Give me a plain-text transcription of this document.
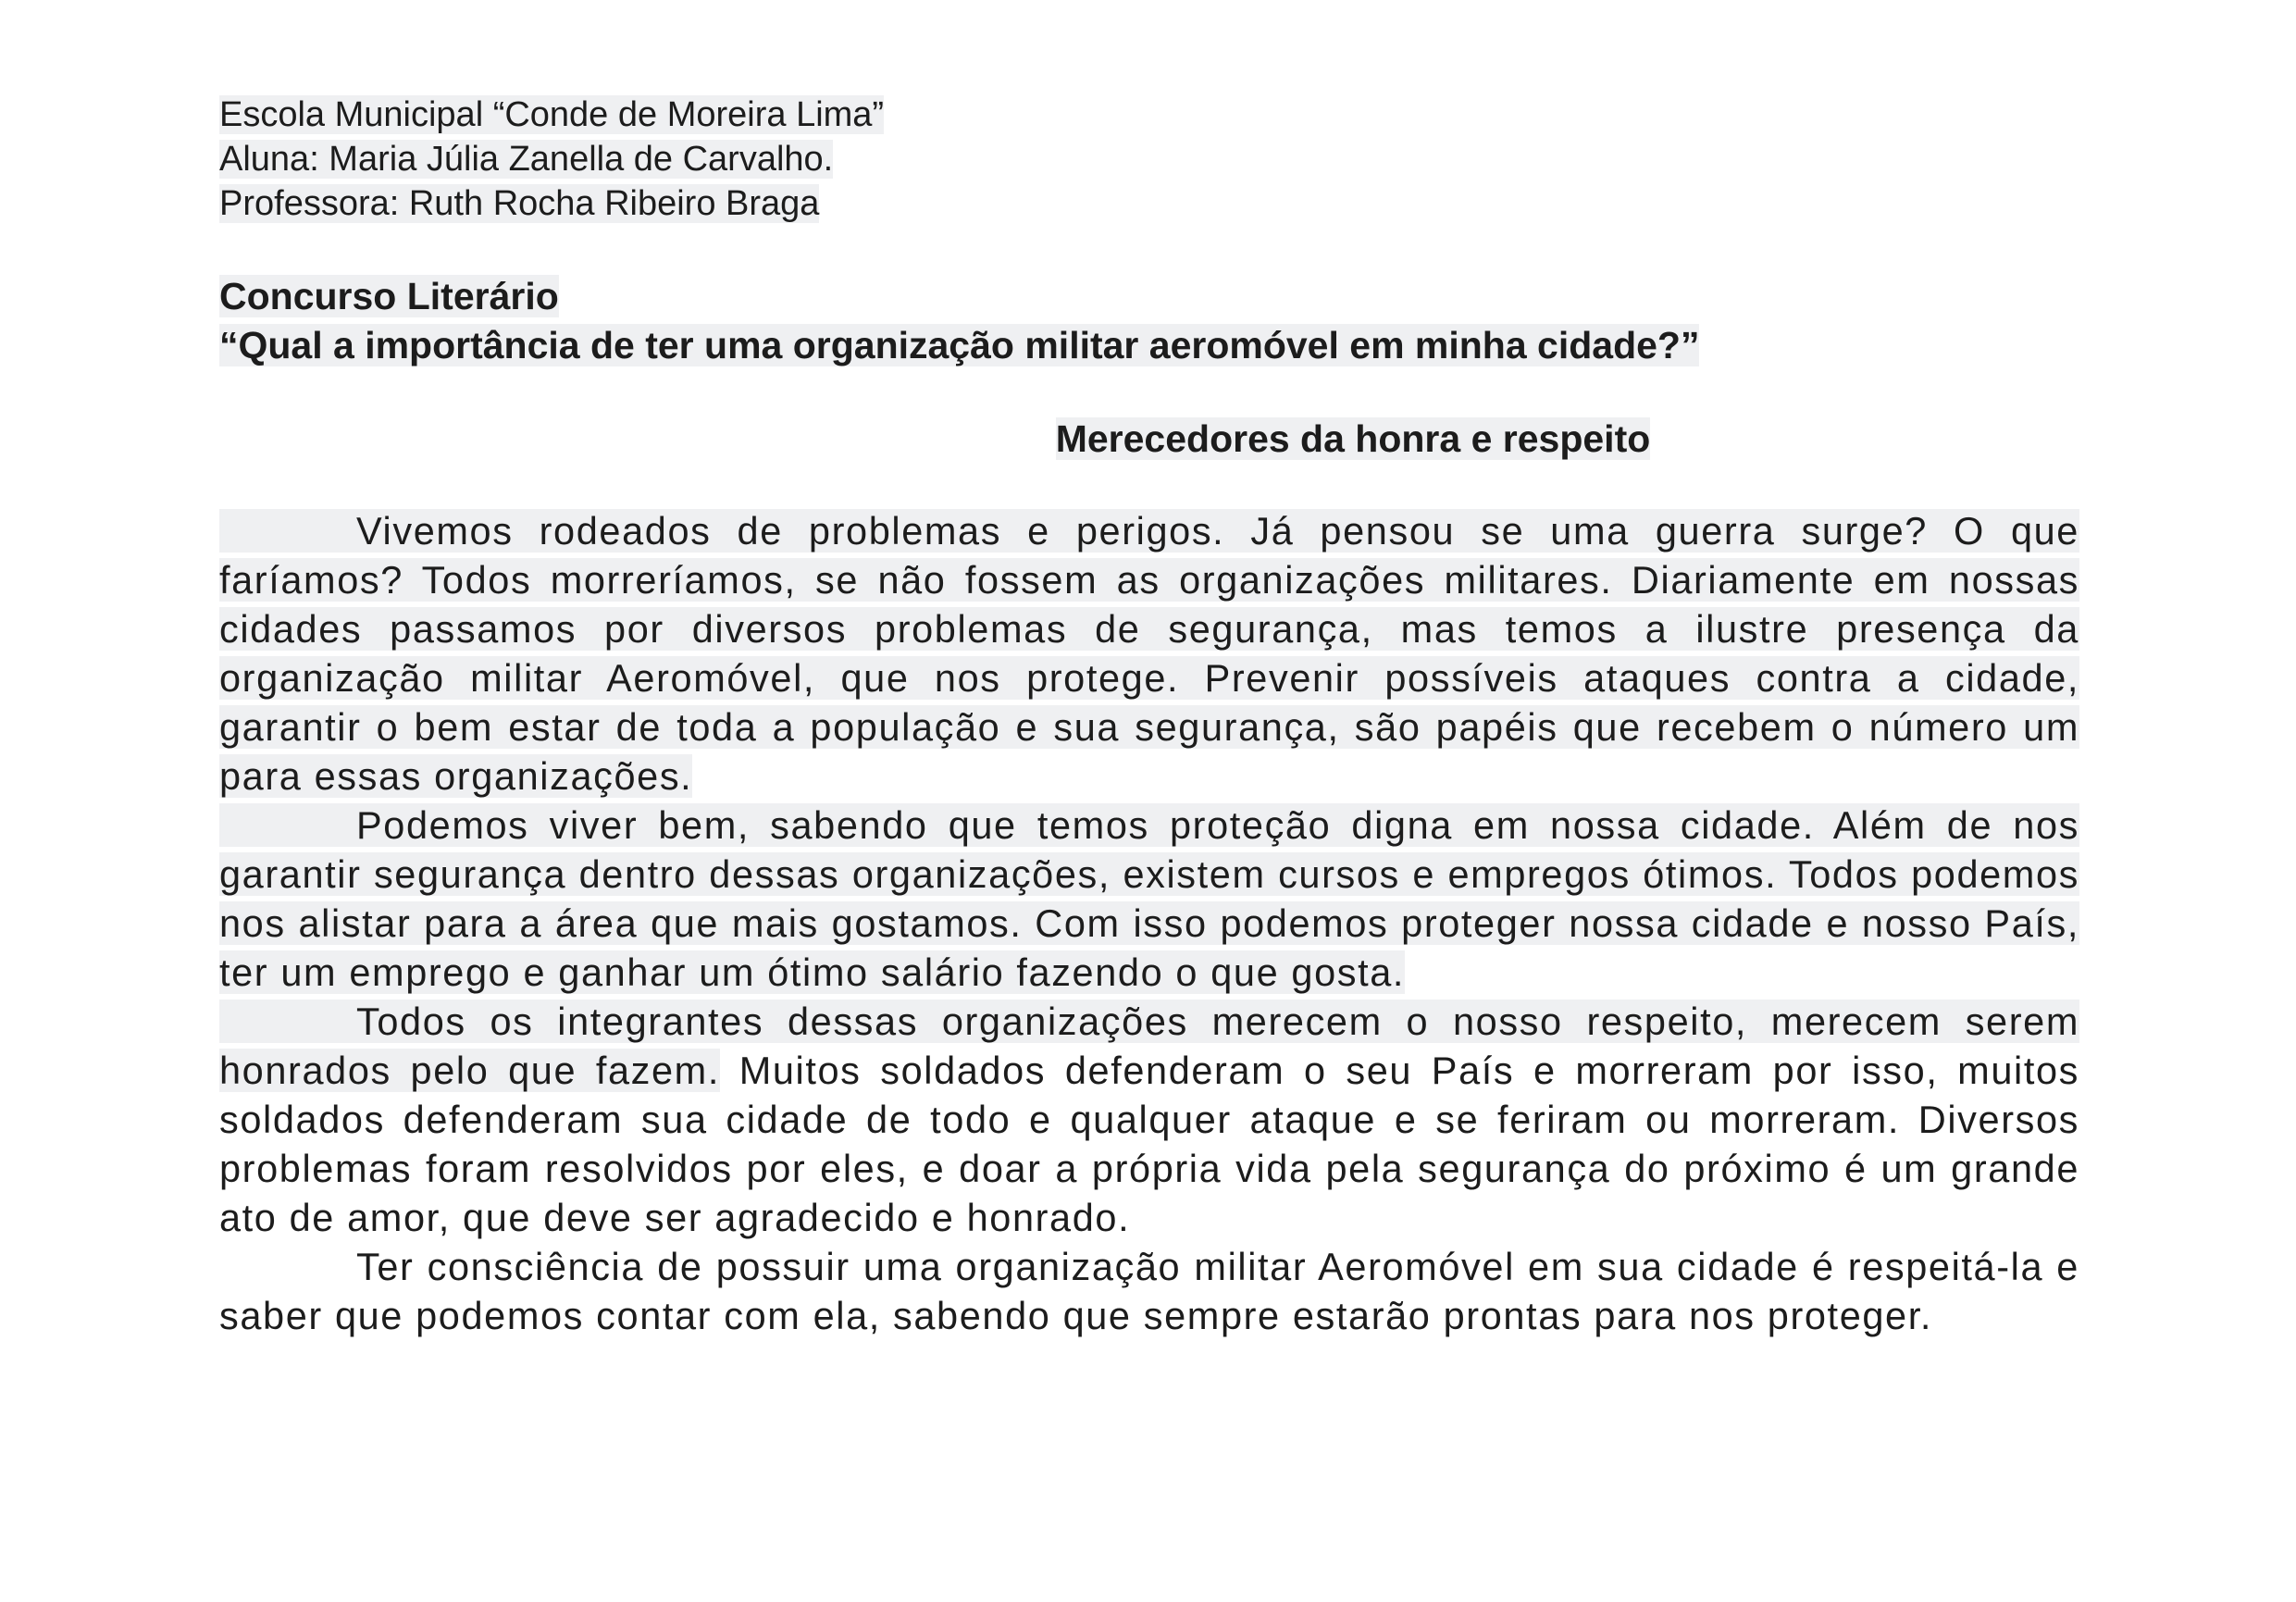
Escola Municipal “Conde de Moreira Lima”

Aluna: Maria Júlia Zanella de Carvalho.

Professora: Ruth Rocha Ribeiro Braga

Concurso Literário

“Qual a importância de ter uma organização militar aeromóvel em minha cidade?”

Merecedores da honra e respeito

Vivemos rodeados de problemas e perigos. Já pensou se uma guerra surge? O que faríamos? Todos morreríamos, se não fossem as organizações militares. Diariamente em nossas cidades passamos por diversos problemas de segurança, mas temos a ilustre presença da organização militar Aeromóvel, que nos protege. Prevenir possíveis ataques contra a cidade, garantir o bem estar de toda a população e sua segurança, são papéis que recebem o número um para essas organizações.

Podemos viver bem, sabendo que temos proteção digna em nossa cidade. Além de nos garantir segurança dentro dessas organizações, existem cursos e empregos ótimos. Todos podemos nos alistar para a área que mais gostamos. Com isso podemos proteger nossa cidade e nosso País, ter um emprego e ganhar um ótimo salário fazendo o que gosta.

Todos os integrantes dessas organizações merecem o nosso respeito, merecem serem honrados pelo que fazem. Muitos soldados defenderam o seu País e morreram por isso, muitos soldados defenderam sua cidade de todo e qualquer ataque e se feriram ou morreram. Diversos problemas foram resolvidos por eles, e doar a própria vida pela segurança do próximo é um grande ato de amor, que deve ser agradecido e honrado.

Ter consciência de possuir uma organização militar Aeromóvel em sua cidade é respeitá-la e saber que podemos contar com ela, sabendo que sempre estarão prontas para nos proteger.
